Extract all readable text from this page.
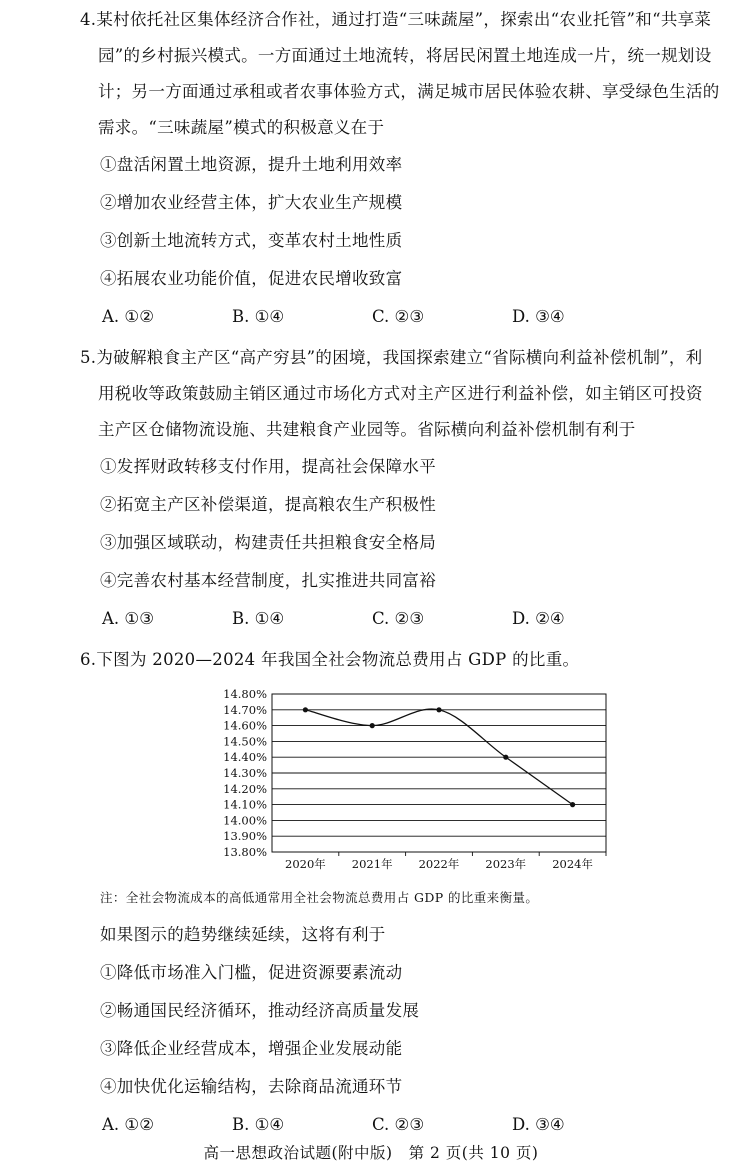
4.某村依托社区集体经济合作社，通过打造“三味蔬屋”，探索出“农业托管”和“共享菜
园”的乡村振兴模式。一方面通过土地流转，将居民闲置土地连成一片，统一规划设
计；另一方面通过承租或者农事体验方式，满足城市居民体验农耕、享受绿色生活的
需求。“三味蔬屋”模式的积极意义在于
①盘活闲置土地资源，提升土地利用效率
②增加农业经营主体，扩大农业生产规模
③创新土地流转方式，变革农村土地性质
④拓展农业功能价值，促进农民增收致富
A. ①②	B. ①④	C. ②③	D. ③④
5.为破解粮食主产区“高产穷县”的困境，我国探索建立“省际横向利益补偿机制”，利
用税收等政策鼓励主销区通过市场化方式对主产区进行利益补偿，如主销区可投资
主产区仓储物流设施、共建粮食产业园等。省际横向利益补偿机制有利于
①发挥财政转移支付作用，提高社会保障水平
②拓宽主产区补偿渠道，提高粮农生产积极性
③加强区域联动，构建责任共担粮食安全格局
④完善农村基本经营制度，扎实推进共同富裕
A. ①③	B. ①④	C. ②③	D. ②④
6.下图为 2020—2024 年我国全社会物流总费用占 GDP 的比重。
14.80%
14.70%
14.60%
14.50%
14.40%
14.30%
14.20%
14.10%
14.00%
13.90%
13.80%
2020年 2021年 2022年 2023年 2024年
注：全社会物流成本的高低通常用全社会物流总费用占 GDP 的比重来衡量。
如果图示的趋势继续延续，这将有利于
①降低市场准入门槛，促进资源要素流动
②畅通国民经济循环，推动经济高质量发展
③降低企业经营成本，增强企业发展动能
④加快优化运输结构，去除商品流通环节
A. ①②	B. ①④	C. ②③	D. ③④
高一思想政治试题(附中版)　第 2 页(共 10 页)
